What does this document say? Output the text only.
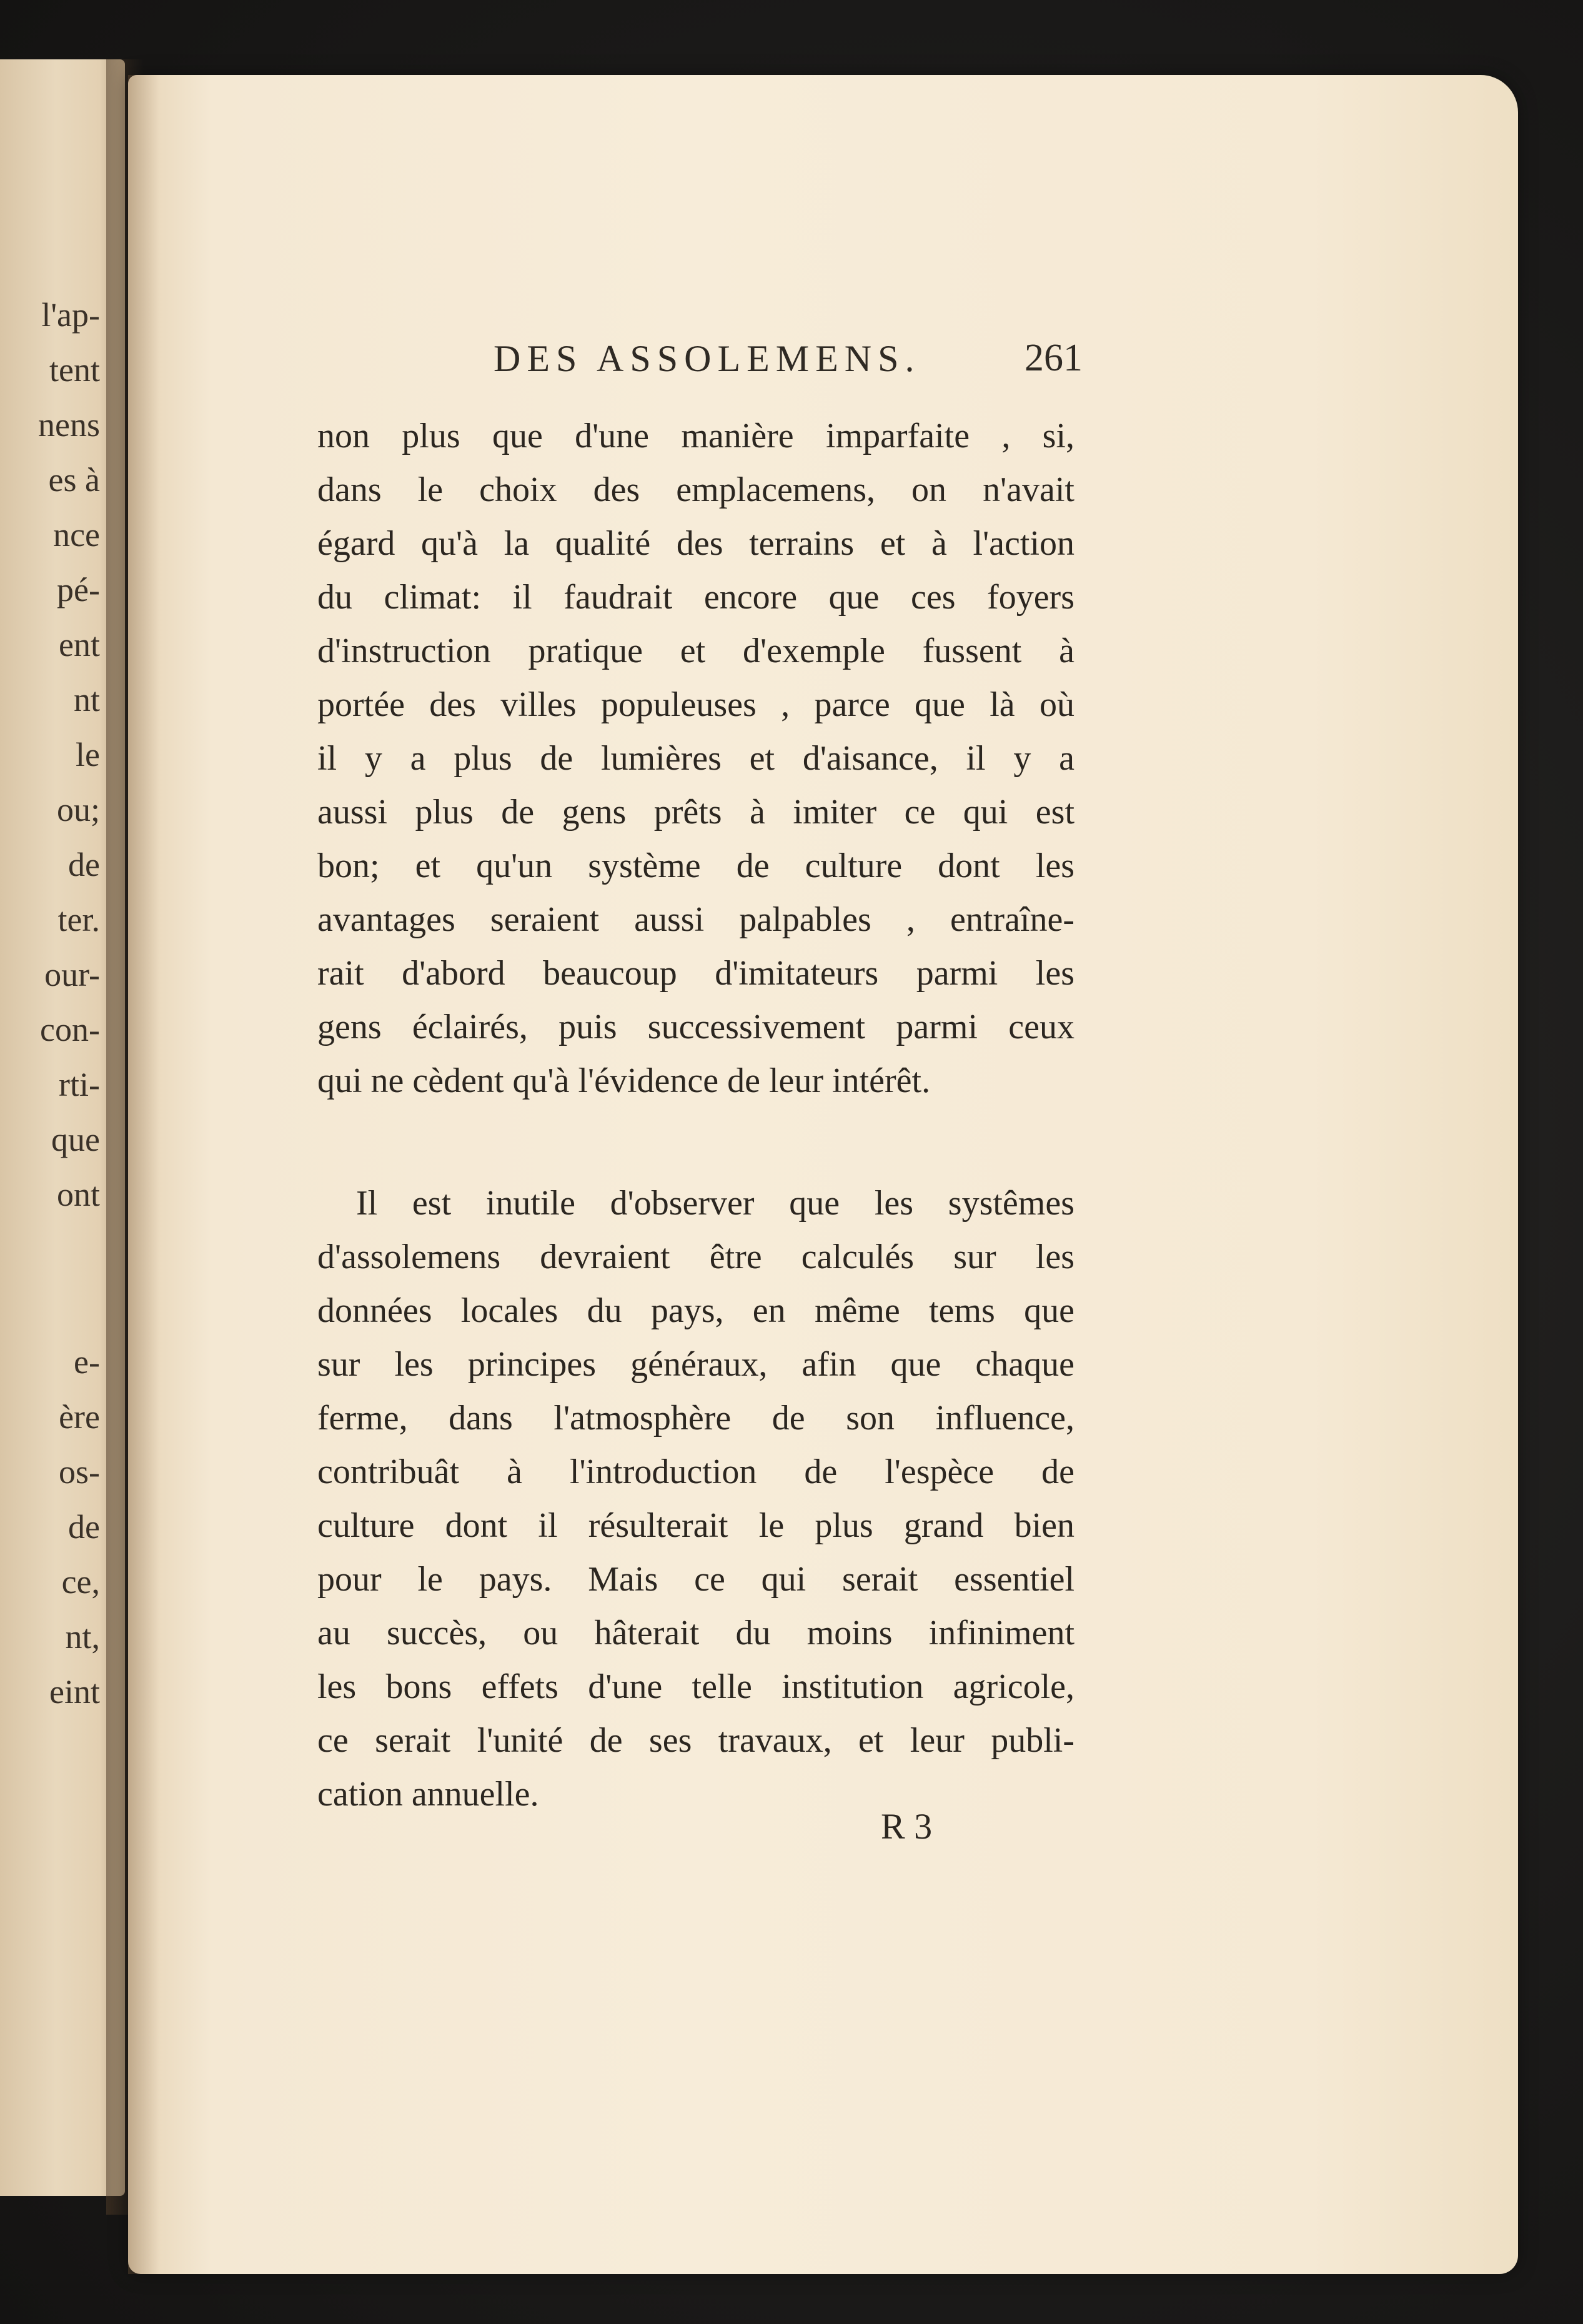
l'ap-
tent
nens
es à
nce
pé-
ent
nt
le
ou;
de
ter.
our-
con-
rti-
que
ont
e-
ère
os-
de
ce,
nt,
eint
DES ASSOLEMENS.	261
non plus que d'une manière imparfaite , si,
dans le choix des emplacemens, on n'avait
égard qu'à la qualité des terrains et à l'action
du climat: il faudrait encore que ces foyers
d'instruction pratique et d'exemple fussent à
portée des villes populeuses , parce que là où
il y a plus de lumières et d'aisance, il y a
aussi plus de gens prêts à imiter ce qui est
bon; et qu'un système de culture dont les
avantages seraient aussi palpables , entraîne-
rait d'abord beaucoup d'imitateurs parmi les
gens éclairés, puis successivement parmi ceux
qui ne cèdent qu'à l'évidence de leur intérêt.
Il est inutile d'observer que les systêmes
d'assolemens devraient être calculés sur les
données locales du pays, en même tems que
sur les principes généraux, afin que chaque
ferme, dans l'atmosphère de son influence,
contribuât à l'introduction de l'espèce de
culture dont il résulterait le plus grand bien
pour le pays. Mais ce qui serait essentiel
au succès, ou hâterait du moins infiniment
les bons effets d'une telle institution agricole,
ce serait l'unité de ses travaux, et leur publi-
cation annuelle.
R 3
